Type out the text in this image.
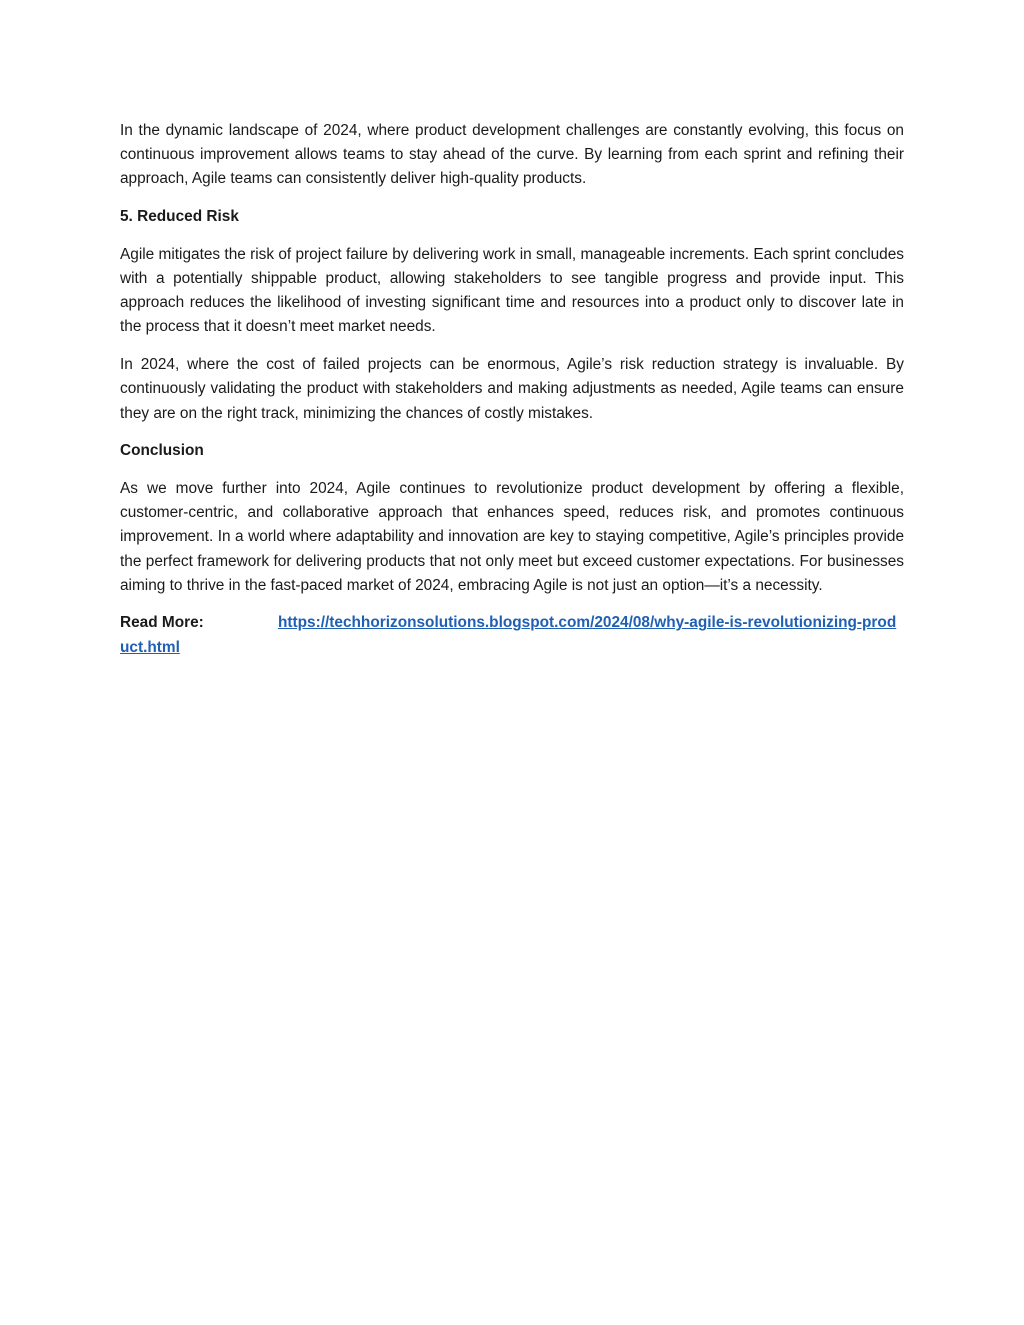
In the dynamic landscape of 2024, where product development challenges are constantly evolving, this focus on continuous improvement allows teams to stay ahead of the curve. By learning from each sprint and refining their approach, Agile teams can consistently deliver high-quality products.

5. Reduced Risk

Agile mitigates the risk of project failure by delivering work in small, manageable increments. Each sprint concludes with a potentially shippable product, allowing stakeholders to see tangible progress and provide input. This approach reduces the likelihood of investing significant time and resources into a product only to discover late in the process that it doesn’t meet market needs.

In 2024, where the cost of failed projects can be enormous, Agile’s risk reduction strategy is invaluable. By continuously validating the product with stakeholders and making adjustments as needed, Agile teams can ensure they are on the right track, minimizing the chances of costly mistakes.

Conclusion

As we move further into 2024, Agile continues to revolutionize product development by offering a flexible, customer-centric, and collaborative approach that enhances speed, reduces risk, and promotes continuous improvement. In a world where adaptability and innovation are key to staying competitive, Agile’s principles provide the perfect framework for delivering products that not only meet but exceed customer expectations. For businesses aiming to thrive in the fast-paced market of 2024, embracing Agile is not just an option—it’s a necessity.

Read More:	https://techhorizonsolutions.blogspot.com/2024/08/why-agile-is-revolutionizing-product.html
